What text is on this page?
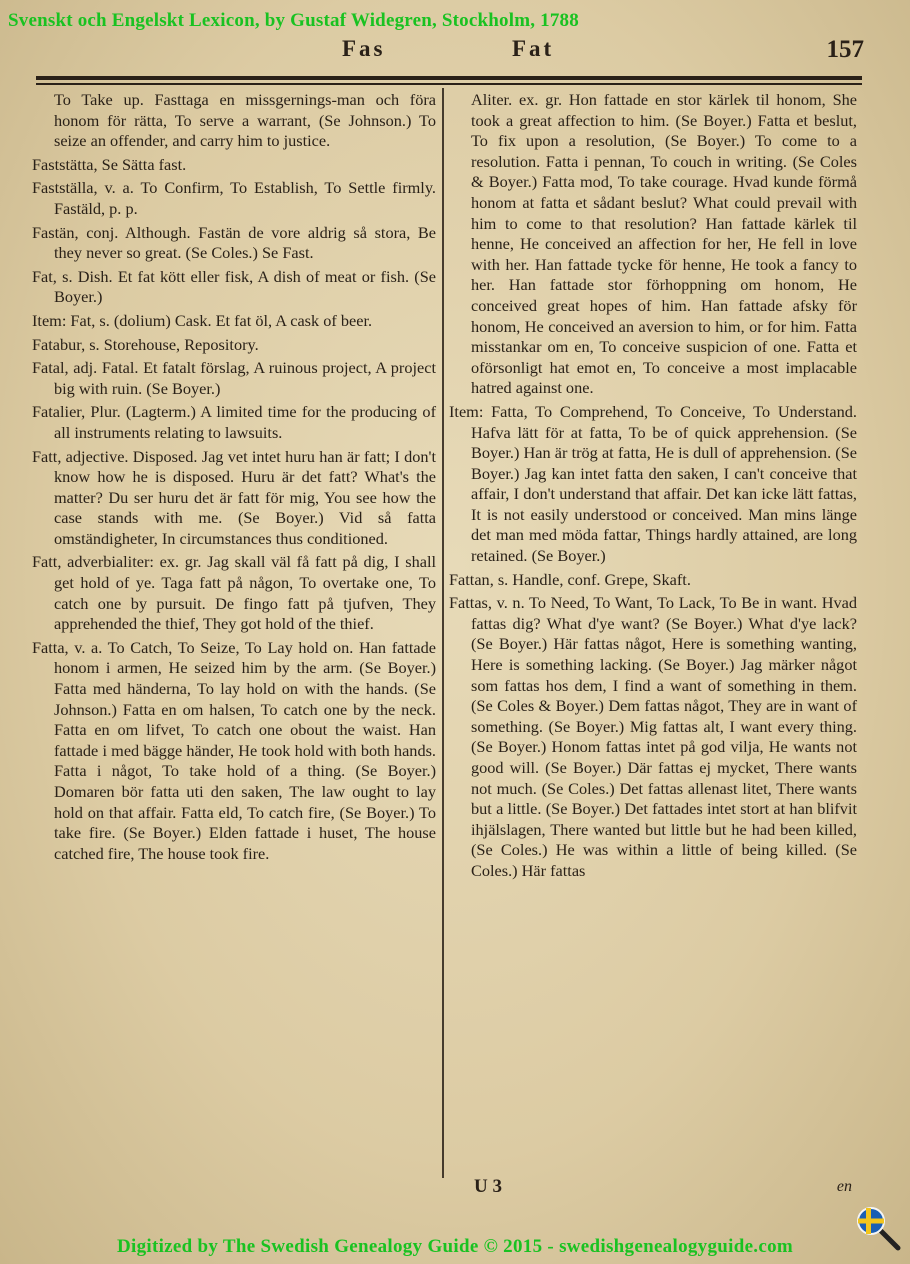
Svenskt och Engelskt Lexicon, by Gustaf Widegren, Stockholm, 1788
Fas	Fat	157

To Take up. Fasttaga en missgernings-man och föra honom för rätta, To serve a warrant, (Se Johnson.) To seize an offender, and carry him to justice.

Faststätta, Se Sätta fast.

Fastställa, v. a. To Confirm, To Establish, To Settle firmly. Fastäld, p. p.

Fastän, conj. Although. Fastän de vore aldrig så stora, Be they never so great. (Se Coles.) Se Fast.

Fat, s. Dish. Et fat kött eller fisk, A dish of meat or fish. (Se Boyer.)

Item: Fat, s. (dolium) Cask. Et fat öl, A cask of beer.

Fatabur, s. Storehouse, Repository.

Fatal, adj. Fatal. Et fatalt förslag, A ruinous project, A project big with ruin. (Se Boyer.)

Fatalier, Plur. (Lagterm.) A limited time for the producing of all instruments relating to lawsuits.

Fatt, adjective. Disposed. Jag vet intet huru han är fatt; I don't know how he is disposed. Huru är det fatt? What's the matter? Du ser huru det är fatt för mig, You see how the case stands with me. (Se Boyer.) Vid så fatta omständigheter, In circumstances thus conditioned.

Fatt, adverbialiter: ex. gr. Jag skall väl få fatt på dig, I shall get hold of ye. Taga fatt på någon, To overtake one, To catch one by pursuit. De fingo fatt på tjufven, They apprehended the thief, They got hold of the thief.

Fatta, v. a. To Catch, To Seize, To Lay hold on. Han fattade honom i armen, He seized him by the arm. (Se Boyer.) Fatta med händerna, To lay hold on with the hands. (Se Johnson.) Fatta en om halsen, To catch one by the neck. Fatta en om lifvet, To catch one obout the waist. Han fattade i med bägge händer, He took hold with both hands. Fatta i något, To take hold of a thing. (Se Boyer.) Domaren bör fatta uti den saken, The law ought to lay hold on that affair. Fatta eld, To catch fire, (Se Boyer.) To take fire. (Se Boyer.) Elden fattade i huset, The house catched fire, The house took fire.

Aliter. ex. gr. Hon fattade en stor kärlek til honom, She took a great affection to him. (Se Boyer.) Fatta et beslut, To fix upon a resolution, (Se Boyer.) To come to a resolution. Fatta i pennan, To couch in writing. (Se Coles & Boyer.) Fatta mod, To take courage. Hvad kunde förmå honom at fatta et sådant beslut? What could prevail with him to come to that resolution? Han fattade kärlek til henne, He conceived an affection for her, He fell in love with her. Han fattade tycke för henne, He took a fancy to her. Han fattade stor förhoppning om honom, He conceived great hopes of him. Han fattade afsky för honom, He conceived an aversion to him, or for him. Fatta misstankar om en, To conceive suspicion of one. Fatta et oförsonligt hat emot en, To conceive a most implacable hatred against one.

Item: Fatta, To Comprehend, To Conceive, To Understand. Hafva lätt för at fatta, To be of quick apprehension. (Se Boyer.) Han är trög at fatta, He is dull of apprehension. (Se Boyer.) Jag kan intet fatta den saken, I can't conceive that affair, I don't understand that affair. Det kan icke lätt fattas, It is not easily understood or conceived. Man mins länge det man med möda fattar, Things hardly attained, are long retained. (Se Boyer.)

Fattan, s. Handle, conf. Grepe, Skaft.

Fattas, v. n. To Need, To Want, To Lack, To Be in want. Hvad fattas dig? What d'ye want? (Se Boyer.) What d'ye lack? (Se Boyer.) Här fattas något, Here is something wanting, Here is something lacking. (Se Boyer.) Jag märker något som fattas hos dem, I find a want of something in them. (Se Coles & Boyer.) Dem fattas något, They are in want of something. (Se Boyer.) Mig fattas alt, I want every thing. (Se Boyer.) Honom fattas intet på god vilja, He wants not good will. (Se Boyer.) Där fattas ej mycket, There wants not much. (Se Coles.) Det fattas allenast litet, There wants but a little. (Se Boyer.) Det fattades intet stort at han blifvit ihjälslagen, There wanted but little but he had been killed, (Se Coles.) He was within a little of being killed. (Se Coles.) Här fattas

U 3	en
Digitized by The Swedish Genealogy Guide © 2015 - swedishgenealogyguide.com
